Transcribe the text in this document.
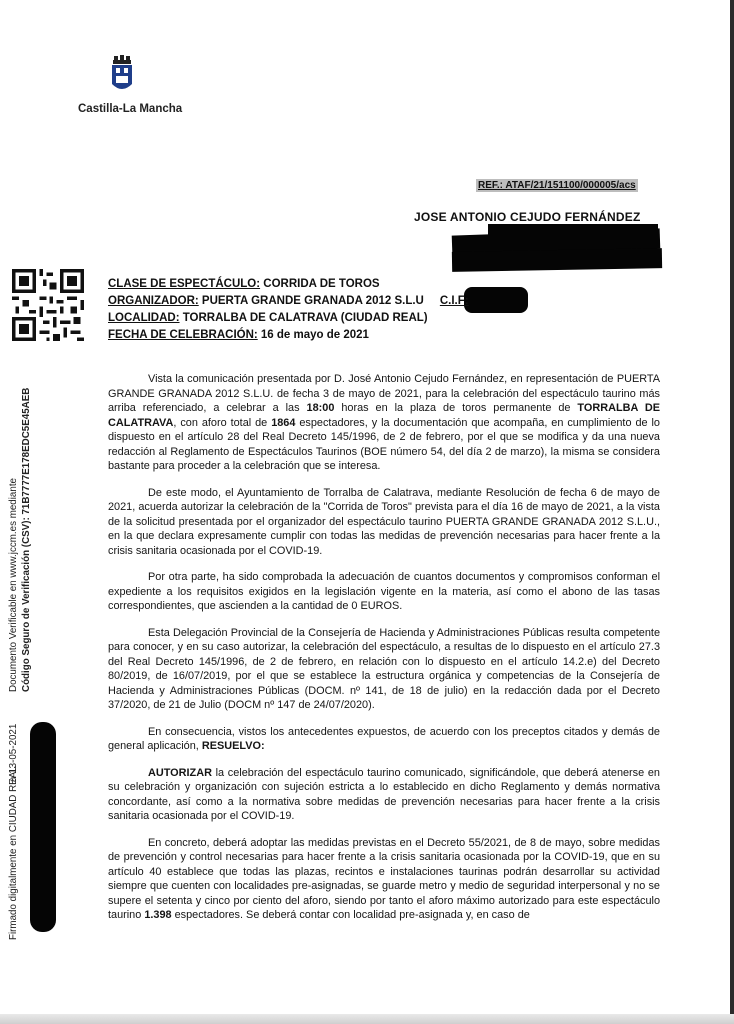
Castilla-La Mancha
REF.: ATAF/21/151100/000005/acs
JOSE ANTONIO CEJUDO FERNÁNDEZ
Documento Verificable en www.jccm.es mediante Código Seguro de Verificación (CSV): 71B7777E178EDC5E45AEB
Firmado digitalmente en CIUDAD REAL
a 13-05-2021
CLASE DE ESPECTÁCULO: CORRIDA DE TOROS
ORGANIZADOR: PUERTA GRANDE GRANADA 2012 S.L.U C.I.F:
LOCALIDAD: TORRALBA DE CALATRAVA (CIUDAD REAL)
FECHA DE CELEBRACIÓN: 16 de mayo de 2021

Vista la comunicación presentada por D. José Antonio Cejudo Fernández, en representación de PUERTA GRANDE GRANADA 2012 S.L.U. de fecha 3 de mayo de 2021, para la celebración del espectáculo taurino más arriba referenciado, a celebrar a las 18:00 horas en la plaza de toros permanente de TORRALBA DE CALATRAVA, con aforo total de 1864 espectadores, y la documentación que acompaña, en cumplimiento de lo dispuesto en el artículo 28 del Real Decreto 145/1996, de 2 de febrero, por el que se modifica y da una nueva redacción al Reglamento de Espectáculos Taurinos (BOE número 54, del día 2 de marzo), la misma se considera bastante para proceder a la celebración que se interesa.

De este modo, el Ayuntamiento de Torralba de Calatrava, mediante Resolución de fecha 6 de mayo de 2021, acuerda autorizar la celebración de la "Corrida de Toros" prevista para el día 16 de mayo de 2021, a la vista de la solicitud presentada por el organizador del espectáculo taurino PUERTA GRANDE GRANADA 2012 S.L.U., en la que declara expresamente cumplir con todas las medidas de prevención necesarias para hacer frente a la crisis sanitaria ocasionada por el COVID-19.

Por otra parte, ha sido comprobada la adecuación de cuantos documentos y compromisos conforman el expediente a los requisitos exigidos en la legislación vigente en la materia, así como el abono de las tasas correspondientes, que ascienden a la cantidad de 0 EUROS.

Esta Delegación Provincial de la Consejería de Hacienda y Administraciones Públicas resulta competente para conocer, y en su caso autorizar, la celebración del espectáculo, a resultas de lo dispuesto en el artículo 27.3 del Real Decreto 145/1996, de 2 de febrero, en relación con lo dispuesto en el artículo 14.2.e) del Decreto 80/2019, de 16/07/2019, por el que se establece la estructura orgánica y competencias de la Consejería de Hacienda y Administraciones Públicas (DOCM. nº 141, de 18 de julio) en la redacción dada por el Decreto 37/2020, de 21 de Julio (DOCM nº 147 de 24/07/2020).

En consecuencia, vistos los antecedentes expuestos, de acuerdo con los preceptos citados y demás de general aplicación, RESUELVO:

AUTORIZAR la celebración del espectáculo taurino comunicado, significándole, que deberá atenerse en su celebración y organización con sujeción estricta a lo establecido en dicho Reglamento y demás normativa concordante, así como a la normativa sobre medidas de prevención necesarias para hacer frente a la crisis sanitaria ocasionada por el COVID-19.

En concreto, deberá adoptar las medidas previstas en el Decreto 55/2021, de 8 de mayo, sobre medidas de prevención y control necesarias para hacer frente a la crisis sanitaria ocasionada por la COVID-19, que en su artículo 40 establece que todas las plazas, recintos e instalaciones taurinas podrán desarrollar su actividad siempre que cuenten con localidades pre-asignadas, se guarde metro y medio de seguridad interpersonal y no se supere el setenta y cinco por ciento del aforo, siendo por tanto el aforo máximo autorizado para este espectáculo taurino 1.398 espectadores. Se deberá contar con localidad pre-asignada y, en caso de
